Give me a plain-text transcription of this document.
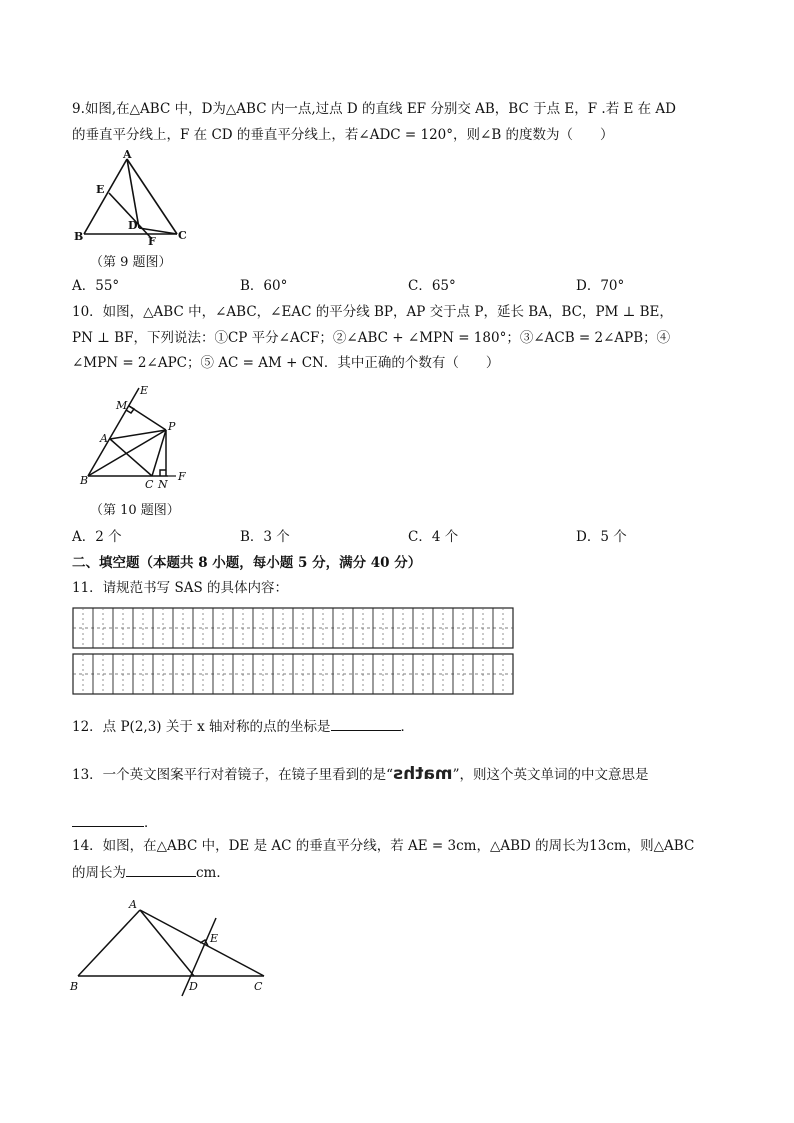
9.如图,在△ABC 中，D为△ABC 内一点,过点 D 的直线 EF 分别交 AB，BC 于点 E，F .若 E 在 AD
的垂直平分线上，F 在 CD 的垂直平分线上，若∠ADC = 120°，则∠B 的度数为（　　）
A
E
B
D
F C
（第 9 题图）
A．55°	B．60°	C．65°	D．70°
10．如图，△ABC 中，∠ABC，∠EAC 的平分线 BP，AP 交于点 P，延长 BA，BC，PM ⊥ BE，
PN ⊥ BF，下列说法：①CP 平分∠ACF；②∠ABC + ∠MPN = 180°；③∠ACB = 2∠APB；④
∠MPN = 2∠APC；⑤ AC = AM + CN．其中正确的个数有（　　）
E
M
P
A
B	C N
F
（第 10 题图）
A．2 个	B．3 个	C．4 个	D．5 个
二、填空题（本题共 8 小题，每小题 5 分，满分 40 分）
11．请规范书写 SAS 的具体内容：
12．点 P(2,3) 关于 x 轴对称的点的坐标是	．
13．一个英文图案平行对着镜子，在镜子里看到的是“maths”，则这个英文单词的中文意思是
．
14．如图，在△ABC 中，DE 是 AC 的垂直平分线，若 AE = 3cm，△ABD 的周长为13cm，则△ABC
的周长为	cm．
A
E
B	D	C
